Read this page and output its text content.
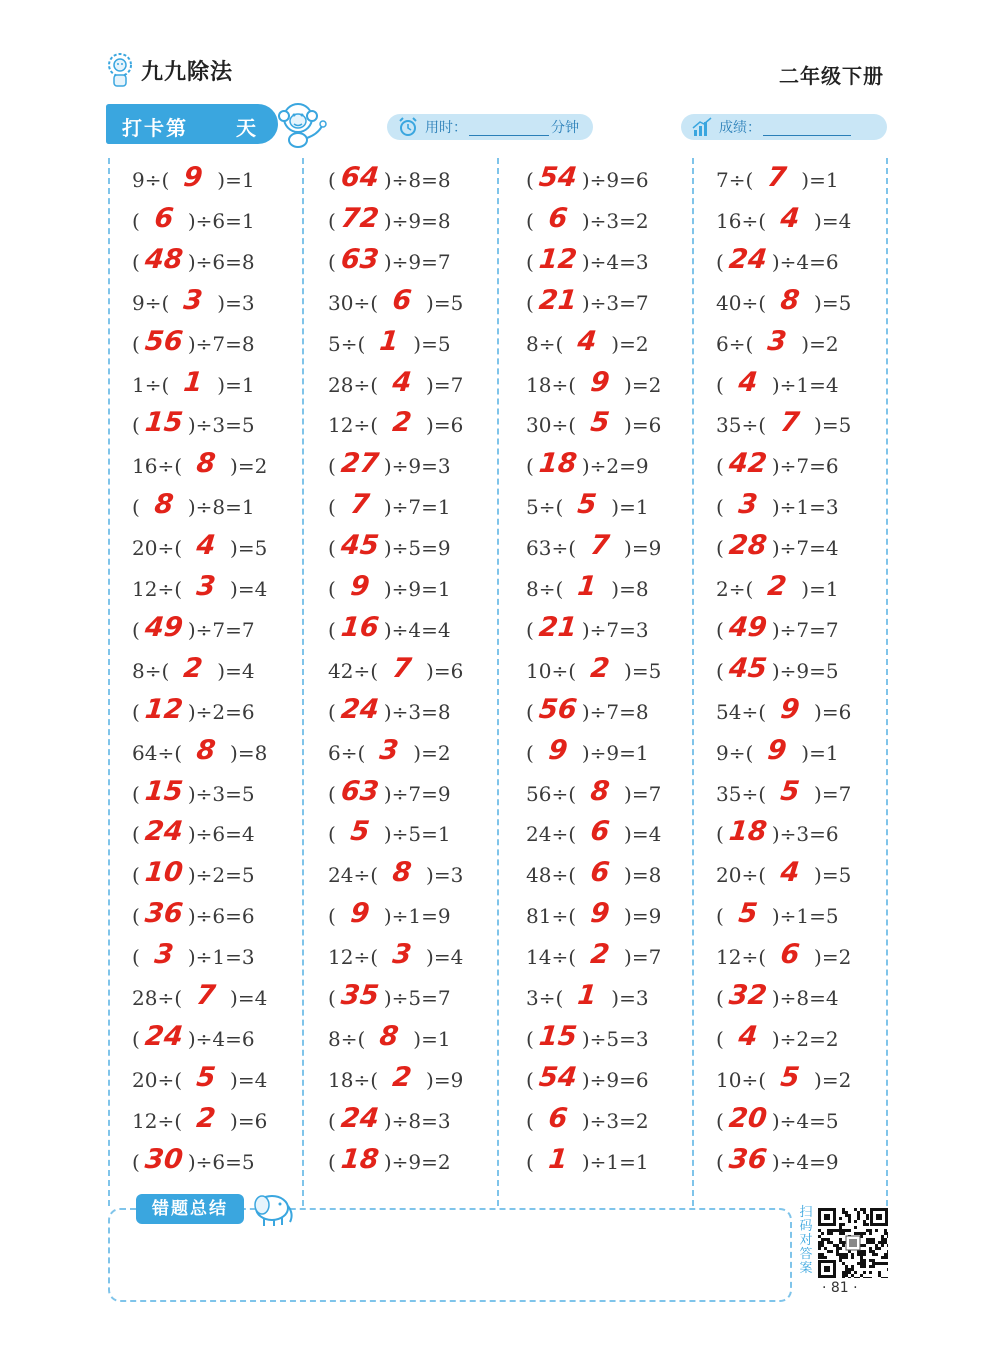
九九除法	二年级下册
打卡第 天	用时：	分钟	成绩：
9÷( 9 )=1
( 6 )÷6=1
( 48 )÷6=8
9÷( 3 )=3
( 56 )÷7=8
1÷( 1 )=1
( 15 )÷3=5
16÷( 8 )=2
( 8 )÷8=1
20÷( 4 )=5
12÷( 3 )=4
( 49 )÷7=7
8÷( 2 )=4
( 12 )÷2=6
64÷( 8 )=8
( 15 )÷3=5
( 24 )÷6=4
( 10 )÷2=5
( 36 )÷6=6
( 3 )÷1=3
28÷( 7 )=4
( 24 )÷4=6
20÷( 5 )=4
12÷( 2 )=6
( 30 )÷6=5
( 64 )÷8=8
( 72 )÷9=8
( 63 )÷9=7
30÷( 6 )=5
5÷( 1 )=5
28÷( 4 )=7
12÷( 2 )=6
( 27 )÷9=3
( 7 )÷7=1
( 45 )÷5=9
( 9 )÷9=1
( 16 )÷4=4
42÷( 7 )=6
( 24 )÷3=8
6÷( 3 )=2
( 63 )÷7=9
( 5 )÷5=1
24÷( 8 )=3
( 9 )÷1=9
12÷( 3 )=4
( 35 )÷5=7
8÷( 8 )=1
18÷( 2 )=9
( 24 )÷8=3
( 18 )÷9=2
( 54 )÷9=6
( 6 )÷3=2
( 12 )÷4=3
( 21 )÷3=7
8÷( 4 )=2
18÷( 9 )=2
30÷( 5 )=6
( 18 )÷2=9
5÷( 5 )=1
63÷( 7 )=9
8÷( 1 )=8
( 21 )÷7=3
10÷( 2 )=5
( 56 )÷7=8
( 9 )÷9=1
56÷( 8 )=7
24÷( 6 )=4
48÷( 6 )=8
81÷( 9 )=9
14÷( 2 )=7
3÷( 1 )=3
( 15 )÷5=3
( 54 )÷9=6
( 6 )÷3=2
( 1 )÷1=1
7÷( 7 )=1
16÷( 4 )=4
( 24 )÷4=6
40÷( 8 )=5
6÷( 3 )=2
( 4 )÷1=4
35÷( 7 )=5
( 42 )÷7=6
( 3 )÷1=3
( 28 )÷7=4
2÷( 2 )=1
( 49 )÷7=7
( 45 )÷9=5
54÷( 9 )=6
9÷( 9 )=1
35÷( 5 )=7
( 18 )÷3=6
20÷( 4 )=5
( 5 )÷1=5
12÷( 6 )=2
( 32 )÷8=4
( 4 )÷2=2
10÷( 5 )=2
( 20 )÷4=5
( 36 )÷4=9
错题总结	扫码对答案
· 81 ·
